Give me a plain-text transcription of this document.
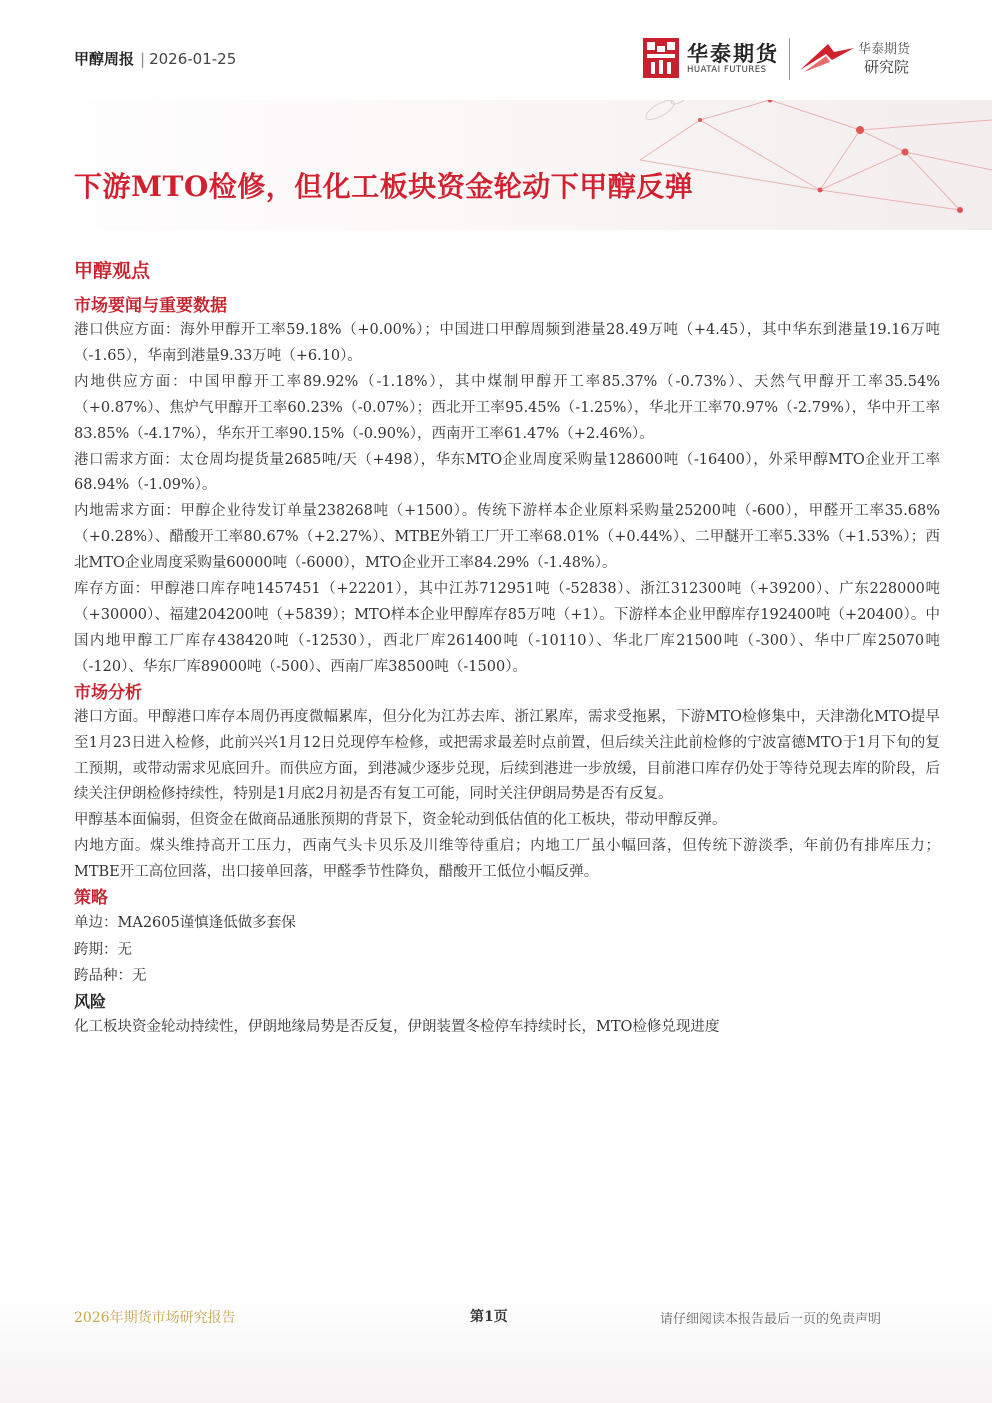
甲醇周报 | 2026-01-25	华泰期货
HUATAI FUTURES
华泰期货
研究院
下游MTO检修，但化工板块资金轮动下甲醇反弹
甲醇观点
市场要闻与重要数据

港口供应方面：海外甲醇开工率59.18%（+0.00%）；中国进口甲醇周频到港量28.49万吨（+4.45），其中华东到港量19.16万吨（-1.65），华南到港量9.33万吨（+6.10）。

内地供应方面：中国甲醇开工率89.92%（-1.18%），其中煤制甲醇开工率85.37%（-0.73%）、天然气甲醇开工率35.54%（+0.87%）、焦炉气甲醇开工率60.23%（-0.07%）；西北开工率95.45%（-1.25%），华北开工率70.97%（-2.79%），华中开工率83.85%（-4.17%），华东开工率90.15%（-0.90%），西南开工率61.47%（+2.46%）。

港口需求方面：太仓周均提货量2685吨/天（+498），华东MTO企业周度采购量128600吨（-16400），外采甲醇MTO企业开工率68.94%（-1.09%）。

内地需求方面：甲醇企业待发订单量238268吨（+1500）。传统下游样本企业原料采购量25200吨（-600），甲醛开工率35.68%（+0.28%）、醋酸开工率80.67%（+2.27%）、MTBE外销工厂开工率68.01%（+0.44%）、二甲醚开工率5.33%（+1.53%）；西北MTO企业周度采购量60000吨（-6000），MTO企业开工率84.29%（-1.48%）。

库存方面：甲醇港口库存吨1457451（+22201），其中江苏712951吨（-52838）、浙江312300吨（+39200）、广东228000吨（+30000）、福建204200吨（+5839）；MTO样本企业甲醇库存85万吨（+1）。下游样本企业甲醇库存192400吨（+20400）。中国内地甲醇工厂库存438420吨（-12530），西北厂库261400吨（-10110）、华北厂库21500吨（-300）、华中厂库25070吨（-120）、华东厂库89000吨（-500）、西南厂库38500吨（-1500）。

市场分析

港口方面。甲醇港口库存本周仍再度微幅累库，但分化为江苏去库、浙江累库，需求受拖累，下游MTO检修集中，天津渤化MTO提早至1月23日进入检修，此前兴兴1月12日兑现停车检修，或把需求最差时点前置，但后续关注此前检修的宁波富德MTO于1月下旬的复工预期，或带动需求见底回升。而供应方面，到港减少逐步兑现，后续到港进一步放缓，目前港口库存仍处于等待兑现去库的阶段，后续关注伊朗检修持续性，特别是1月底2月初是否有复工可能，同时关注伊朗局势是否有反复。

甲醇基本面偏弱，但资金在做商品通胀预期的背景下，资金轮动到低估值的化工板块，带动甲醇反弹。

内地方面。煤头维持高开工压力，西南气头卡贝乐及川维等待重启；内地工厂虽小幅回落，但传统下游淡季，年前仍有排库压力；MTBE开工高位回落，出口接单回落，甲醛季节性降负，醋酸开工低位小幅反弹。

策略

单边：MA2605谨慎逢低做多套保

跨期：无

跨品种：无

风险

化工板块资金轮动持续性，伊朗地缘局势是否反复，伊朗装置冬检停车持续时长，MTO检修兑现进度

2026年期货市场研究报告	第1页	请仔细阅读本报告最后一页的免责声明
